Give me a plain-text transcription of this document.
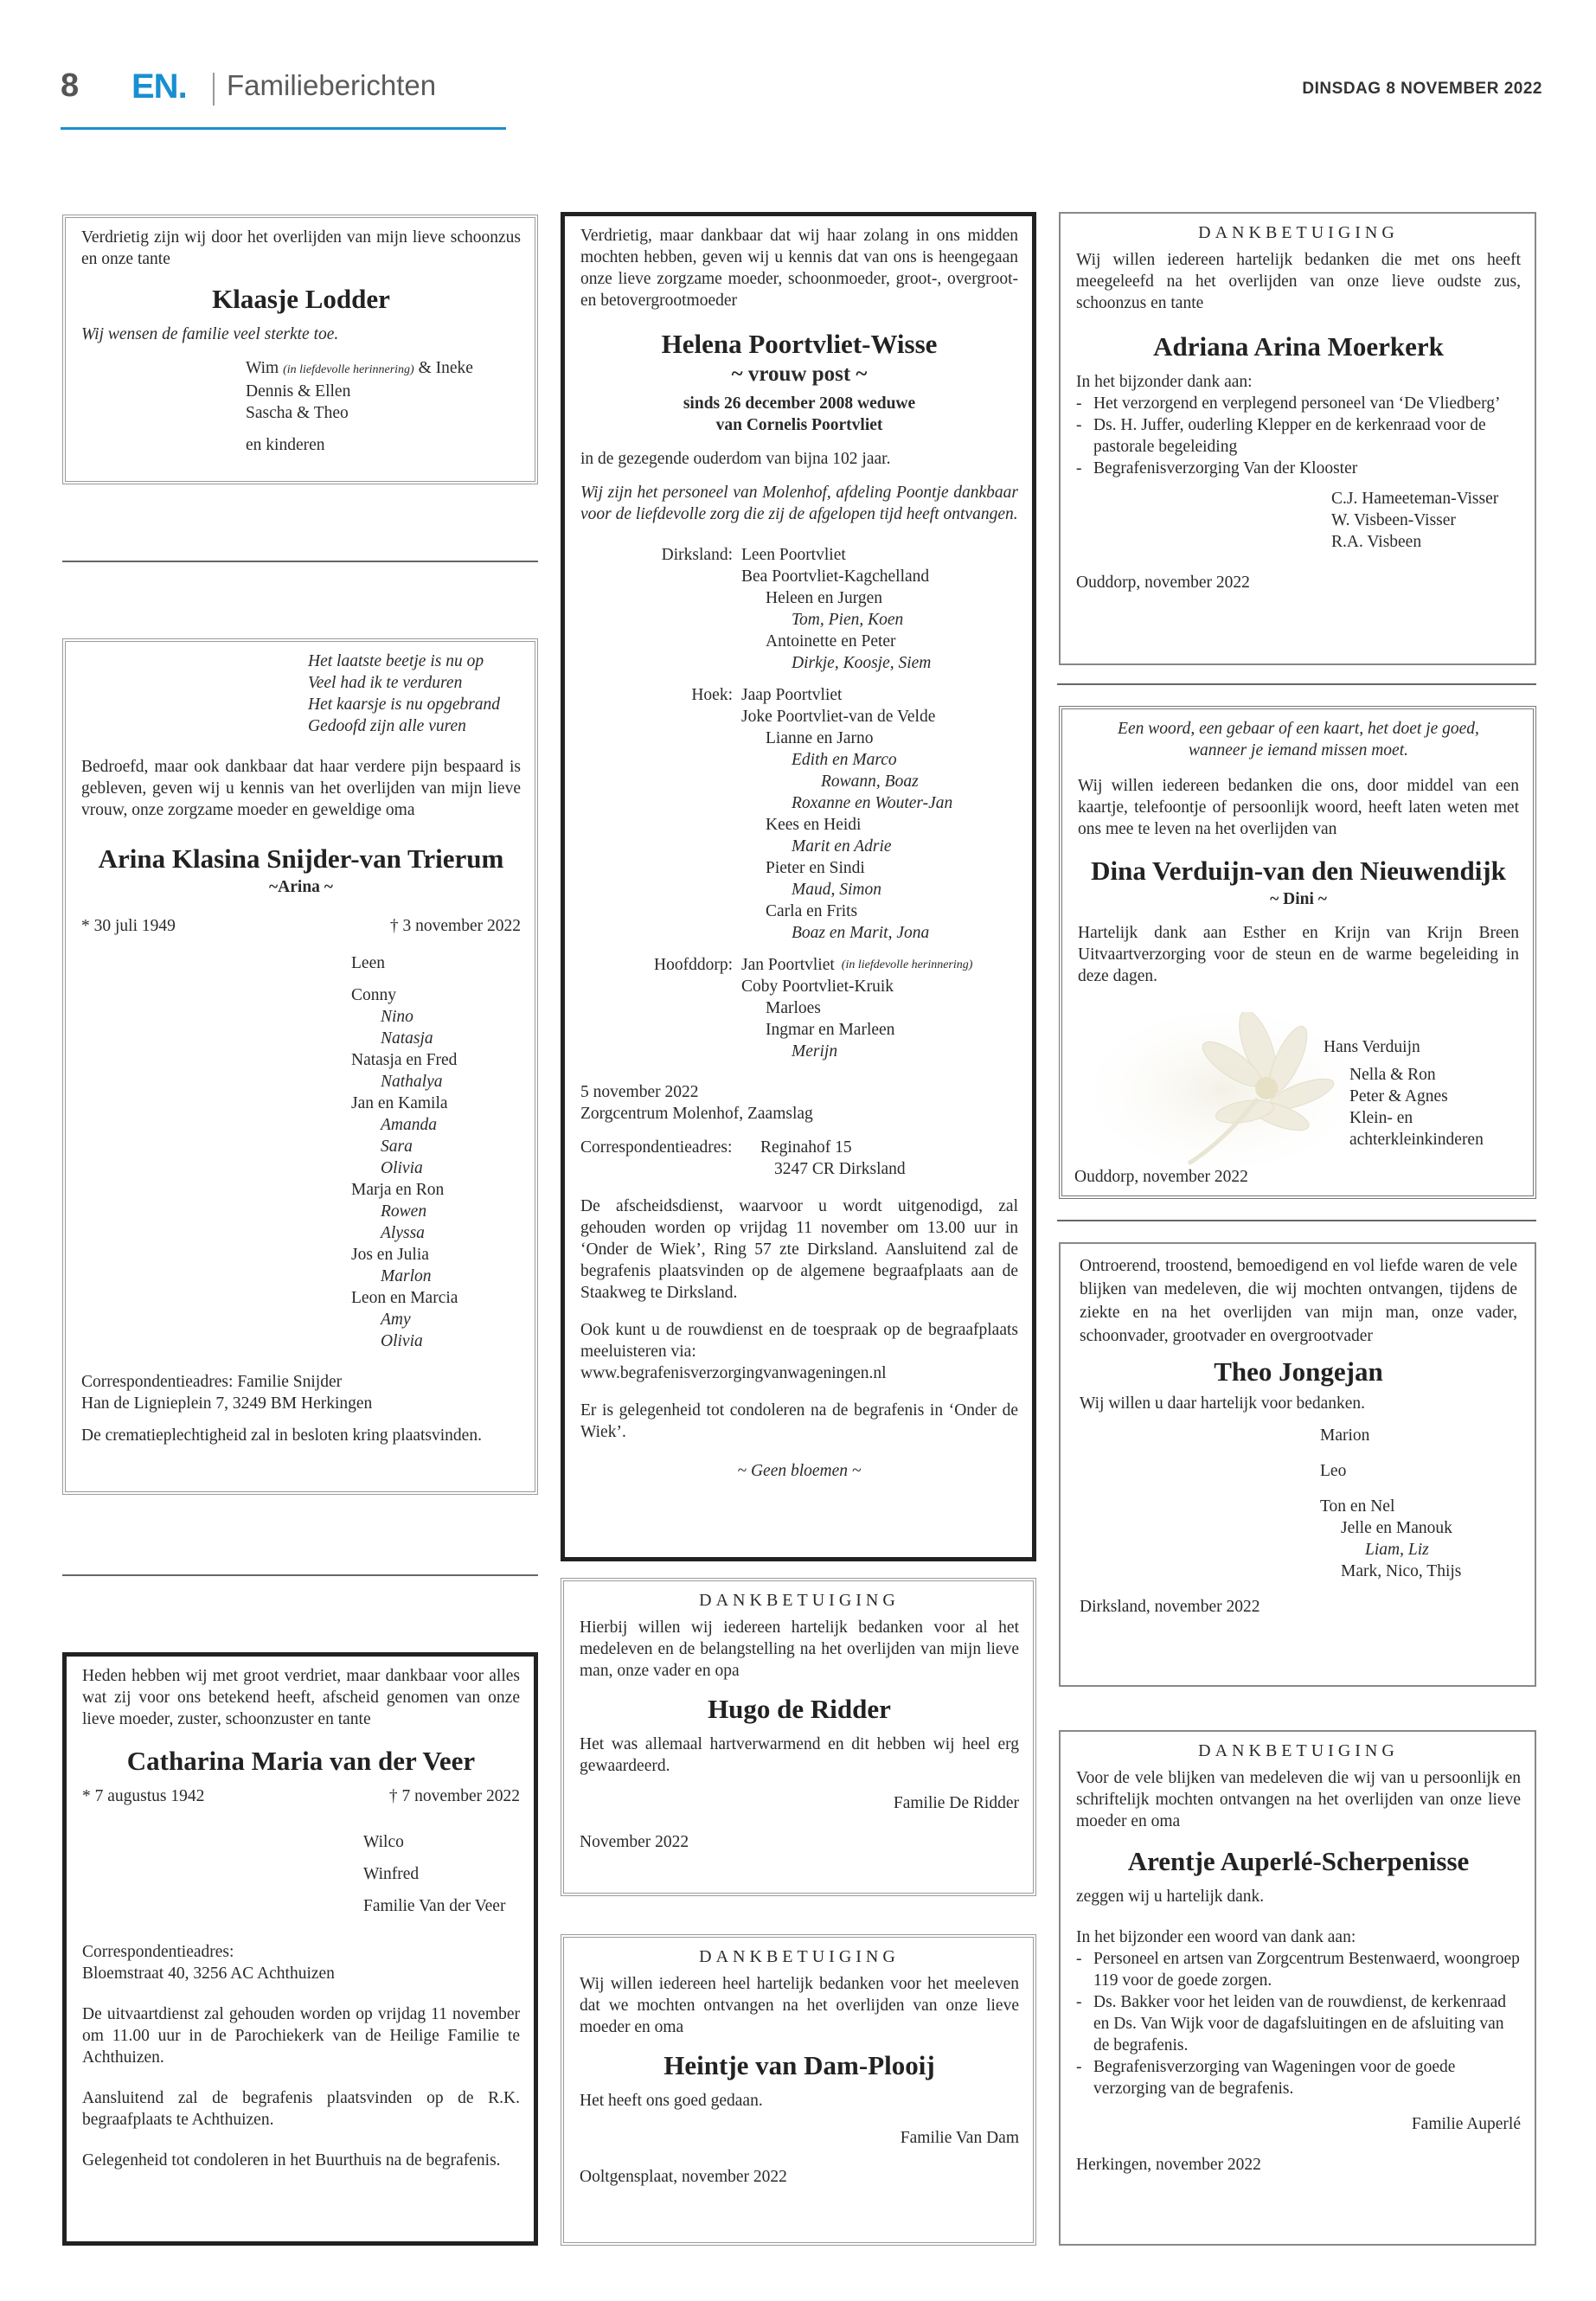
8 EN. Familieberichten	DINSDAG 8 NOVEMBER 2022

Verdrietig zijn wij door het overlijden van mijn lieve schoonzus en onze tante

Klaasje Lodder

Wij wensen de familie veel sterkte toe.

Wim (in liefdevolle herinnering) & Ineke
Dennis & Ellen
Sascha & Theo
en kinderen
Het laatste beetje is nu op
Veel had ik te verduren
Het kaarsje is nu opgebrand
Gedoofd zijn alle vuren

Bedroefd, maar ook dankbaar dat haar verdere pijn bespaard is gebleven, geven wij u kennis van het overlijden van mijn lieve vrouw, onze zorgzame moeder en geweldige oma

Arina Klasina Snijder-van Trierum
~Arina ~
* 30 juli 1949	† 3 november 2022
Leen
Conny
Nino
Natasja
Natasja en Fred
Nathalya
Jan en Kamila
Amanda
Sara
Olivia
Marja en Ron
Rowen
Alyssa
Jos en Julia
Marlon
Leon en Marcia
Amy
Olivia
Correspondentieadres: Familie Snijder
Han de Lignieplein 7, 3249 BM Herkingen

De crematieplechtigheid zal in besloten kring plaatsvinden.

Heden hebben wij met groot verdriet, maar dankbaar voor alles wat zij voor ons betekend heeft, afscheid genomen van onze lieve moeder, zuster, schoonzuster en tante

Catharina Maria van der Veer
* 7 augustus 1942	† 7 november 2022
Wilco
Winfred
Familie Van der Veer
Correspondentieadres:
Bloemstraat 40, 3256 AC Achthuizen

De uitvaartdienst zal gehouden worden op vrijdag 11 november om 11.00 uur in de Parochiekerk van de Heilige Familie te Achthuizen.

Aansluitend zal de begrafenis plaatsvinden op de R.K. begraafplaats te Achthuizen.

Gelegenheid tot condoleren in het Buurthuis na de begrafenis.

Verdrietig, maar dankbaar dat wij haar zolang in ons midden mochten hebben, geven wij u kennis dat van ons is heengegaan onze lieve zorgzame moeder, schoonmoeder, groot-, overgroot- en betovergrootmoeder

Helena Poortvliet-Wisse
~ vrouw post ~
sinds 26 december 2008 weduwe
van Cornelis Poortvliet

in de gezegende ouderdom van bijna 102 jaar.

Wij zijn het personeel van Molenhof, afdeling Poontje dankbaar voor de liefdevolle zorg die zij de afgelopen tijd heeft ontvangen.

Dirksland: Leen Poortvliet
Bea Poortvliet-Kagchelland
Heleen en Jurgen
Tom, Pien, Koen
Antoinette en Peter
Dirkje, Koosje, Siem
Hoek: Jaap Poortvliet
Joke Poortvliet-van de Velde
Lianne en Jarno
Edith en Marco
Rowann, Boaz
Roxanne en Wouter-Jan
Kees en Heidi
Marit en Adrie
Pieter en Sindi
Maud, Simon
Carla en Frits
Boaz en Marit, Jona
Hoofddorp: Jan Poortvliet (in liefdevolle herinnering)
Coby Poortvliet-Kruik
Marloes
Ingmar en Marleen
Merijn
5 november 2022
Zorgcentrum Molenhof, Zaamslag
Correspondentieadres:	Reginahof 15
3247 CR Dirksland

De afscheidsdienst, waarvoor u wordt uitgenodigd, zal gehouden worden op vrijdag 11 november om 13.00 uur in ‘Onder de Wiek’, Ring 57 zte Dirksland. Aansluitend zal de begrafenis plaatsvinden op de algemene begraafplaats aan de Staakweg te Dirksland.

Ook kunt u de rouwdienst en de toespraak op de begraafplaats meeluisteren via:

www.begrafenisverzorgingvanwageningen.nl

Er is gelegenheid tot condoleren na de begrafenis in ‘Onder de Wiek’.

~ Geen bloemen ~

DANKBETUIGING

Hierbij willen wij iedereen hartelijk bedanken voor al het medeleven en de belangstelling na het overlijden van mijn lieve man, onze vader en opa

Hugo de Ridder

Het was allemaal hartverwarmend en dit hebben wij heel erg gewaardeerd.

Familie De Ridder

November 2022

DANKBETUIGING

Wij willen iedereen heel hartelijk bedanken voor het meeleven dat we mochten ontvangen na het overlijden van onze lieve moeder en oma

Heintje van Dam-Plooij

Het heeft ons goed gedaan.

Familie Van Dam

Ooltgensplaat, november 2022

DANKBETUIGING

Wij willen iedereen hartelijk bedanken die met ons heeft meegeleefd na het overlijden van onze lieve oudste zus, schoonzus en tante

Adriana Arina Moerkerk

In het bijzonder dank aan:

- Het verzorgend en verplegend personeel van ‘De Vliedberg’
- Ds. H. Juffer, ouderling Klepper en de kerkenraad voor de pastorale begeleiding
- Begrafenisverzorging Van der Klooster
C.J. Hameeteman-Visser
W. Visbeen-Visser
R.A. Visbeen

Ouddorp, november 2022

Een woord, een gebaar of een kaart, het doet je goed,

wanneer je iemand missen moet.

Wij willen iedereen bedanken die ons, door middel van een kaartje, telefoontje of persoonlijk woord, heeft laten weten met ons mee te leven na het overlijden van

Dina Verduijn-van den Nieuwendijk
~ Dini ~

Hartelijk dank aan Esther en Krijn van Krijn Breen Uitvaartverzorging voor de steun en de warme begeleiding in deze dagen.

Hans Verduijn
Nella & Ron
Peter & Agnes
Klein- en
achterkleinkinderen

Ouddorp, november 2022

Ontroerend, troostend, bemoedigend en vol liefde waren de vele blijken van medeleven, die wij mochten ontvangen, tijdens de ziekte en na het overlijden van mijn man, onze vader, schoonvader, grootvader en overgrootvader

Theo Jongejan

Wij willen u daar hartelijk voor bedanken.

Marion
Leo
Ton en Nel
Jelle en Manouk
Liam, Liz
Mark, Nico, Thijs

Dirksland, november 2022

DANKBETUIGING

Voor de vele blijken van medeleven die wij van u persoonlijk en schriftelijk mochten ontvangen na het overlijden van onze lieve moeder en oma

Arentje Auperlé-Scherpenisse

zeggen wij u hartelijk dank.

In het bijzonder een woord van dank aan:

- Personeel en artsen van Zorgcentrum Bestenwaerd, woongroep 119 voor de goede zorgen.
- Ds. Bakker voor het leiden van de rouwdienst, de kerkenraad en Ds. Van Wijk voor de dagafsluitingen en de afsluiting van de begrafenis.
- Begrafenisverzorging van Wageningen voor de goede verzorging van de begrafenis.

Familie Auperlé

Herkingen, november 2022
